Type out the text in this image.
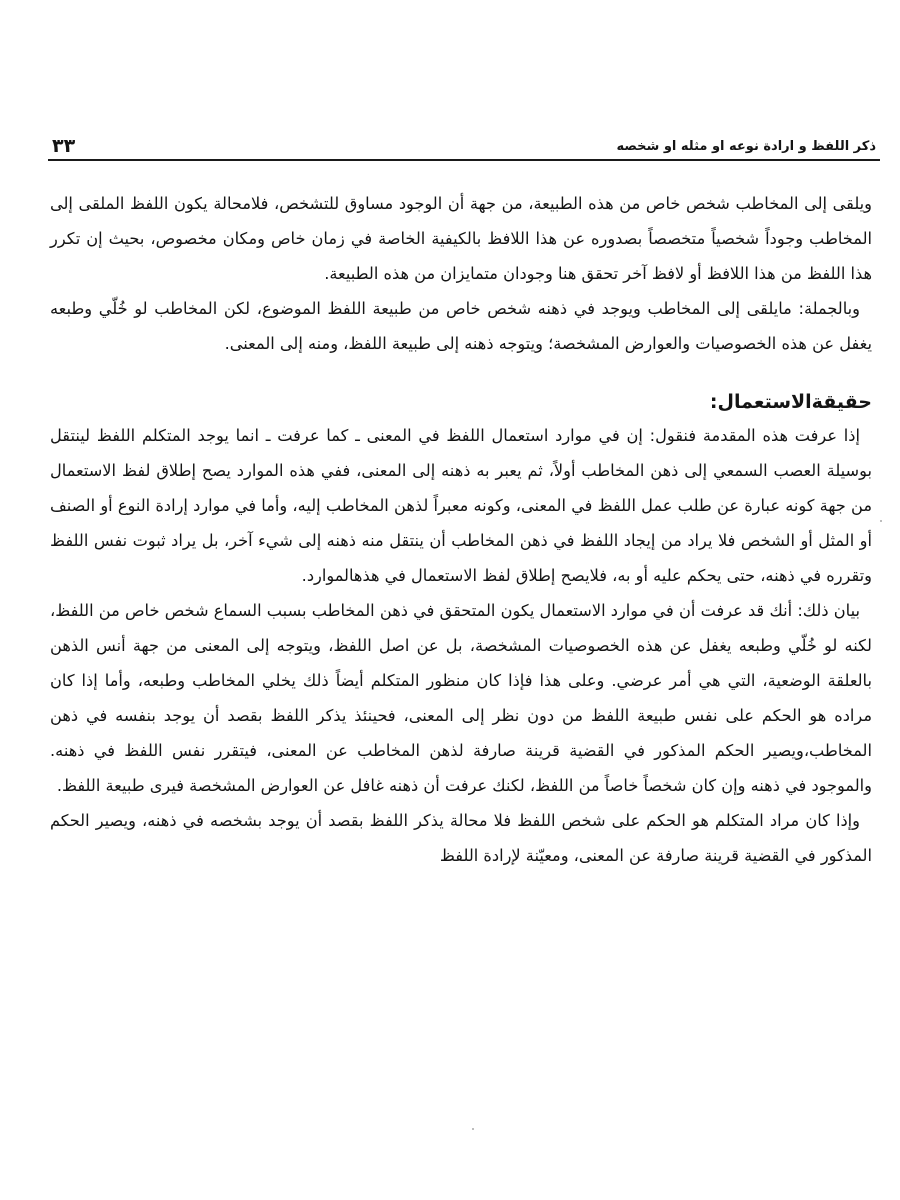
ذكر اللفظ و ارادة نوعه او مثله او شخصه
٣٣

ويلقى إلى المخاطب شخص خاص من هذه الطبيعة، من جهة أن الوجود مساوق للتشخص، فلامحالة يكون اللفظ الملقى إلى المخاطب وجوداً شخصياً متخصصاً بصدوره عن هذا اللافظ بالكيفية الخاصة في زمان خاص ومكان مخصوص، بحيث إن تكرر هذا اللفظ من هذا اللافظ أو لافظ آخر تحقق هنا وجودان متمايزان من هذه الطبيعة.

وبالجملة: مايلقى إلى المخاطب ويوجد في ذهنه شخص خاص من طبيعة اللفظ الموضوع، لكن المخاطب لو خُلّي وطبعه يغفل عن هذه الخصوصيات والعوارض المشخصة؛ ويتوجه ذهنه إلى طبيعة اللفظ، ومنه إلى المعنى.

حقيقةالاستعمال:

إذا عرفت هذه المقدمة فنقول: إن في موارد استعمال اللفظ في المعنى ـ كما عرفت ـ انما يوجد المتكلم اللفظ لينتقل بوسيلة العصب السمعي إلى ذهن المخاطب أولاً، ثم يعبر به ذهنه إلى المعنى، ففي هذه الموارد يصح إطلاق لفظ الاستعمال من جهة كونه عبارة عن طلب عمل اللفظ في المعنى، وكونه معبراً لذهن المخاطب إليه، وأما في موارد إرادة النوع أو الصنف أو المثل أو الشخص فلا يراد من إيجاد اللفظ في ذهن المخاطب أن ينتقل منه ذهنه إلى شيء آخر، بل يراد ثبوت نفس اللفظ وتقرره في ذهنه، حتى يحكم عليه أو به، فلايصح إطلاق لفظ الاستعمال في هذهالموارد.

بيان ذلك: أنك قد عرفت أن في موارد الاستعمال يكون المتحقق في ذهن المخاطب بسبب السماع شخص خاص من اللفظ، لكنه لو خُلّي وطبعه يغفل عن هذه الخصوصيات المشخصة، بل عن اصل اللفظ، ويتوجه إلى المعنى من جهة أنس الذهن بالعلقة الوضعية، التي هي أمر عرضي. وعلى هذا فإذا كان منظور المتكلم أيضاً ذلك يخلي المخاطب وطبعه، وأما إذا كان مراده هو الحكم على نفس طبيعة اللفظ من دون نظر إلى المعنى، فحينئذ يذكر اللفظ بقصد أن يوجد بنفسه في ذهن المخاطب،ويصير الحكم المذكور في القضية قرينة صارفة لذهن المخاطب عن المعنى، فيتقرر نفس اللفظ في ذهنه. والموجود في ذهنه وإن كان شخصاً خاصاً من اللفظ، لكنك عرفت أن ذهنه غافل عن العوارض المشخصة فيرى طبيعة اللفظ.

وإذا كان مراد المتكلم هو الحكم على شخص اللفظ فلا محالة يذكر اللفظ بقصد أن يوجد بشخصه في ذهنه، ويصير الحكم المذكور في القضية قرينة صارفة عن المعنى، ومعيّنة لإرادة اللفظ
